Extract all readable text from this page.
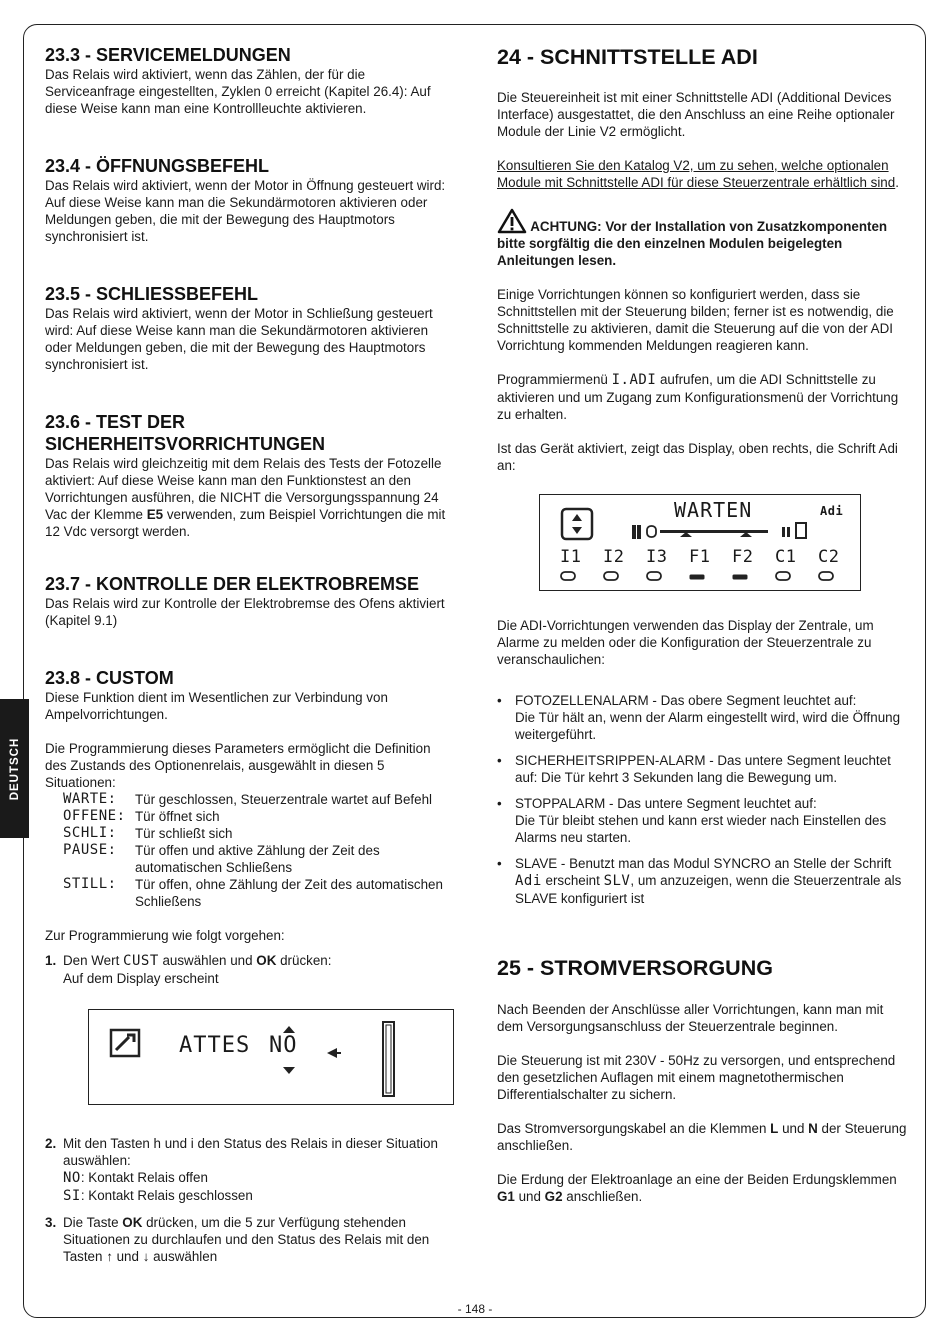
DEUTSCH
23.3 - SERVICEMELDUNGEN

Das Relais wird aktiviert, wenn das Zählen, der für die Serviceanfrage eingestellten, Zyklen 0 erreicht (Kapitel 26.4): Auf diese Weise kann man eine Kontrollleuchte aktivieren.

23.4 - ÖFFNUNGSBEFEHL

Das Relais wird aktiviert, wenn der Motor in Öffnung gesteuert wird: Auf diese Weise kann man die Sekundärmotoren aktivieren oder Meldungen geben, die mit der Bewegung des Hauptmotors synchronisiert ist.

23.5 - SCHLIESSBEFEHL

Das Relais wird aktiviert, wenn der Motor in Schließung gesteuert wird: Auf diese Weise kann man die Sekundärmotoren aktivieren oder Meldungen geben, die mit der Bewegung des Hauptmotors synchronisiert ist.

23.6 - TEST DER
SICHERHEITSVORRICHTUNGEN

Das Relais wird gleichzeitig mit dem Relais des Tests der Fotozelle aktiviert: Auf diese Weise kann man den Funktionstest an den Vorrichtungen ausführen, die NICHT die Versorgungsspannung 24 Vac der Klemme E5 verwenden, zum Beispiel Vorrichtungen die mit 12 Vdc versorgt werden.

23.7 - KONTROLLE DER ELEKTROBREMSE

Das Relais wird zur Kontrolle der Elektrobremse des Ofens aktiviert (Kapitel 9.1)

23.8 - CUSTOM

Diese Funktion dient im Wesentlichen zur Verbindung von Ampelvorrichtungen.

Die Programmierung dieses Parameters ermöglicht die Definition des Zustands des Optionenrelais, ausgewählt in diesen 5 Situationen:

WARTE:	Tür geschlossen, Steuerzentrale wartet auf Befehl
OFFENE: Tür öffnet sich
SCHLI:	Tür schließt sich
PAUSE:	Tür offen und aktive Zählung der Zeit des automatischen Schließens
STILL:	Tür offen, ohne Zählung der Zeit des automatischen Schließens

Zur Programmierung wie folgt vorgehen:

1. Den Wert CUST auswählen und OK drücken:
Auf dem Display erscheint
ATTES NO
2. Mit den Tasten h und i den Status des Relais in dieser Situation auswählen:
NO: Kontakt Relais offen
SI: Kontakt Relais geschlossen
3. Die Taste OK drücken, um die 5 zur Verfügung stehenden Situationen zu durchlaufen und den Status des Relais mit den Tasten ↑ und ↓ auswählen
24 - SCHNITTSTELLE ADI

Die Steuereinheit ist mit einer Schnittstelle ADI (Additional Devices Interface) ausgestattet, die den Anschluss an eine Reihe optionaler Module der Linie V2 ermöglicht.

Konsultieren Sie den Katalog V2, um zu sehen, welche optionalen Module mit Schnittstelle ADI für diese Steuerzentrale erhältlich sind.

ACHTUNG: Vor der Installation von Zusatzkomponenten bitte sorgfältig die den einzelnen Modulen beigelegten Anleitungen lesen.

Einige Vorrichtungen können so konfiguriert werden, dass sie Schnittstellen mit der Steuerung bilden; ferner ist es notwendig, die Schnittstelle zu aktivieren, damit die Steuerung auf die von der ADI Vorrichtung kommenden Meldungen reagieren kann.

Programmiermenü I.ADI aufrufen, um die ADI Schnittstelle zu aktivieren und um Zugang zum Konfigurationsmenü der Vorrichtung zu erhalten.

Ist das Gerät aktiviert, zeigt das Display, oben rechts, die Schrift Adi an:

WARTEN	Adi
I1 I2 I3 F1 F2 C1 C2

Die ADI-Vorrichtungen verwenden das Display der Zentrale, um Alarme zu melden oder die Konfiguration der Steuerzentrale zu veranschaulichen:

• FOTOZELLENALARM - Das obere Segment leuchtet auf:
Die Tür hält an, wenn der Alarm eingestellt wird, wird die Öffnung weitergeführt.
• SICHERHEITSRIPPEN-ALARM - Das untere Segment leuchtet auf: Die Tür kehrt 3 Sekunden lang die Bewegung um.
• STOPPALARM - Das untere Segment leuchtet auf:
Die Tür bleibt stehen und kann erst wieder nach Einstellen des Alarms neu starten.
• SLAVE - Benutzt man das Modul SYNCRO an Stelle der Schrift Adi erscheint SLV, um anzuzeigen, wenn die Steuerzentrale als SLAVE konfiguriert ist
25 - STROMVERSORGUNG

Nach Beenden der Anschlüsse aller Vorrichtungen, kann man mit dem Versorgungsanschluss der Steuerzentrale beginnen.

Die Steuerung ist mit 230V - 50Hz zu versorgen, und entsprechend den gesetzlichen Auflagen mit einem magnetothermischen Differentialschalter zu sichern.

Das Stromversorgungskabel an die Klemmen L und N der Steuerung anschließen.

Die Erdung der Elektroanlage an eine der Beiden Erdungsklemmen G1 und G2 anschließen.

- 148 -
